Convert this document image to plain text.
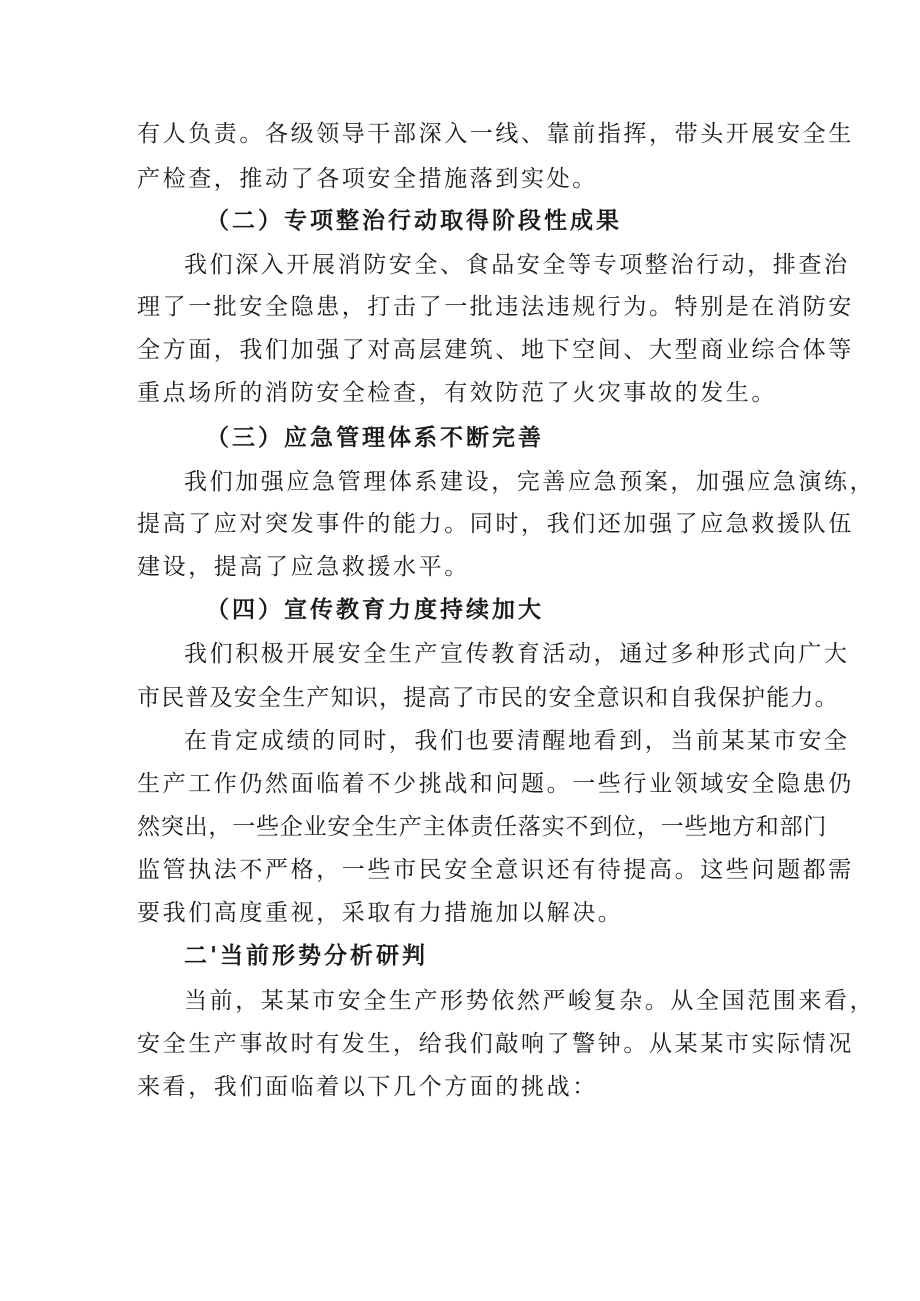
有人负责。各级领导干部深入一线、靠前指挥，带头开展安全生
产检查，推动了各项安全措施落到实处。
（二）专项整治行动取得阶段性成果
我们深入开展消防安全、食品安全等专项整治行动，排查治
理了一批安全隐患，打击了一批违法违规行为。特别是在消防安
全方面，我们加强了对高层建筑、地下空间、大型商业综合体等
重点场所的消防安全检查，有效防范了火灾事故的发生。
（三）应急管理体系不断完善
我们加强应急管理体系建设，完善应急预案，加强应急演练，
提高了应对突发事件的能力。同时，我们还加强了应急救援队伍
建设，提高了应急救援水平。
（四）宣传教育力度持续加大
我们积极开展安全生产宣传教育活动，通过多种形式向广大
市民普及安全生产知识，提高了市民的安全意识和自我保护能力。
在肯定成绩的同时，我们也要清醒地看到，当前某某市安全
生产工作仍然面临着不少挑战和问题。一些行业领域安全隐患仍
然突出，一些企业安全生产主体责任落实不到位，一些地方和部门
监管执法不严格，一些市民安全意识还有待提高。这些问题都需
要我们高度重视，采取有力措施加以解决。
二'当前形势分析研判
当前，某某市安全生产形势依然严峻复杂。从全国范围来看，
安全生产事故时有发生，给我们敲响了警钟。从某某市实际情况
来看，我们面临着以下几个方面的挑战：
